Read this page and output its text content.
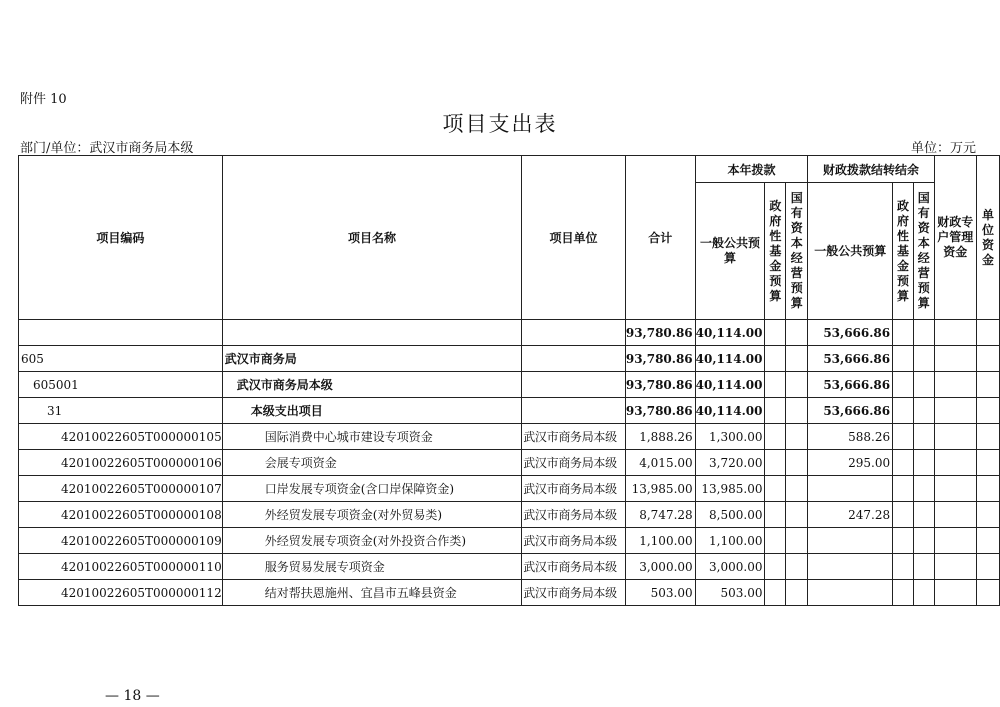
附件 10
项目支出表
部门/单位：武汉市商务局本级	单位：万元
项目编码	项目名称	项目单位	合计	本年拨款			财政拨款结转结余			财政专户管理资金	单位资金
				一般公共预算	政府性基金预算	国有资本经营预算	一般公共预算	政府性基金预算	国有资本经营预算		
			93,780.86	40,114.00			53,666.86				
605	武汉市商务局		93,780.86	40,114.00			53,666.86				
605001	武汉市商务局本级		93,780.86	40,114.00			53,666.86				
31	本级支出项目		93,780.86	40,114.00			53,666.86				
42010022605T000000105	国际消费中心城市建设专项资金	武汉市商务局本级	1,888.26	1,300.00			588.26				
42010022605T000000106	会展专项资金	武汉市商务局本级	4,015.00	3,720.00			295.00				
42010022605T000000107	口岸发展专项资金(含口岸保障资金)	武汉市商务局本级	13,985.00	13,985.00							
42010022605T000000108	外经贸发展专项资金(对外贸易类)	武汉市商务局本级	8,747.28	8,500.00			247.28				
42010022605T000000109	外经贸发展专项资金(对外投资合作类)	武汉市商务局本级	1,100.00	1,100.00							
42010022605T000000110	服务贸易发展专项资金	武汉市商务局本级	3,000.00	3,000.00							
42010022605T000000112	结对帮扶恩施州、宜昌市五峰县资金	武汉市商务局本级	503.00	503.00							
— 18 —
